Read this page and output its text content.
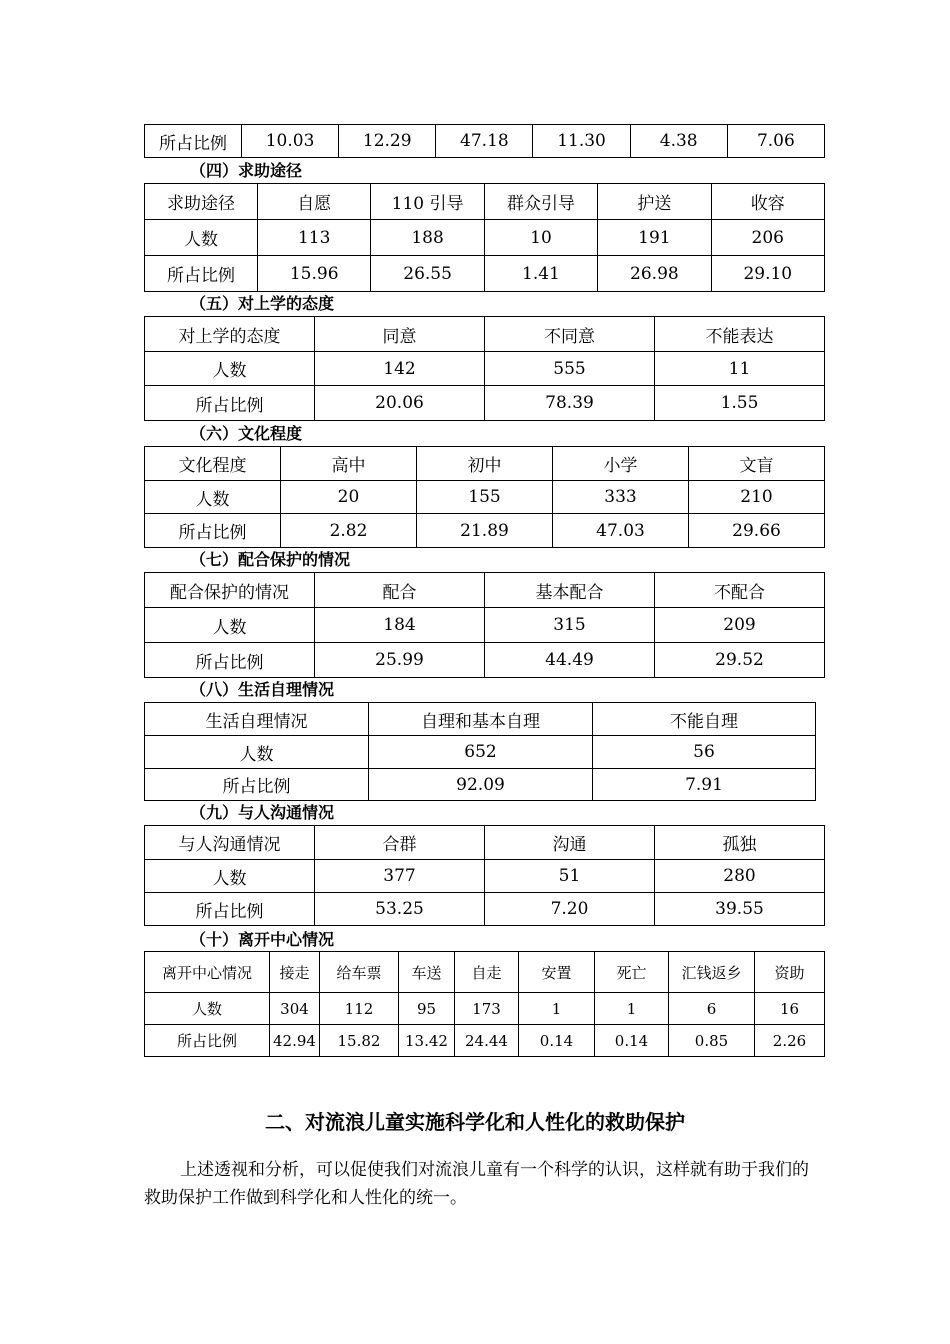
所占比例	10.03	12.29	47.18	11.30	4.38	7.06
（四）求助途径
求助途径	自愿	110 引导	群众引导	护送	收容
人数	113	188	10	191	206
所占比例	15.96	26.55	1.41	26.98	29.10
（五）对上学的态度
对上学的态度	同意	不同意	不能表达
人数	142	555	11
所占比例	20.06	78.39	1.55
（六）文化程度
文化程度	高中	初中	小学	文盲
人数	20	155	333	210
所占比例	2.82	21.89	47.03	29.66
（七）配合保护的情况
配合保护的情况	配合	基本配合	不配合
人数	184	315	209
所占比例	25.99	44.49	29.52
（八）生活自理情况
生活自理情况	自理和基本自理	不能自理
人数	652	56
所占比例	92.09	7.91
（九）与人沟通情况
与人沟通情况	合群	沟通	孤独
人数	377	51	280
所占比例	53.25	7.20	39.55
（十）离开中心情况
离开中心情况	接走	给车票	车送	自走	安置	死亡	汇钱返乡	资助
人数	304	112	95	173	1	1	6	16
所占比例	42.94	15.82	13.42	24.44	0.14	0.14	0.85	2.26
二、对流浪儿童实施科学化和人性化的救助保护
上述透视和分析，可以促使我们对流浪儿童有一个科学的认识，这样就有助于我们的救助保护工作做到科学化和人性化的统一。
